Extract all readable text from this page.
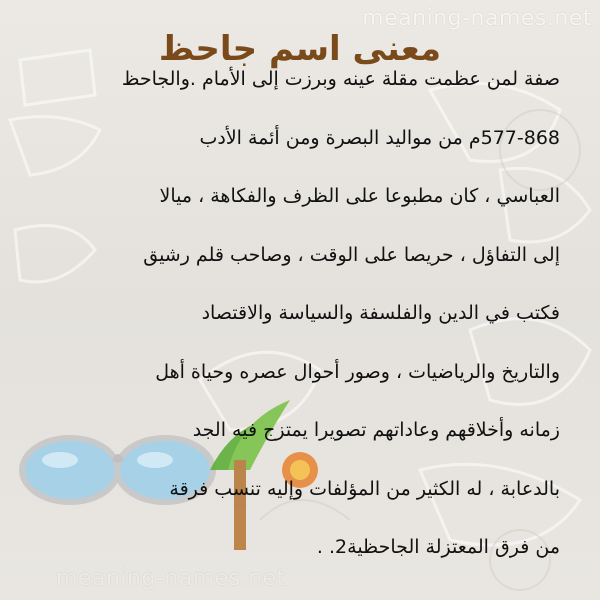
meaning-names.net
معنى اسم جاحظ
صفة لمن عظمت مقلة عينه وبرزت إلى الأمام .والجاحظ
577-868م من مواليد البصرة ومن أئمة الأدب
العباسي ، كان مطبوعا على الظرف والفكاهة ، ميالا
إلى التفاؤل ، حريصا على الوقت ، وصاحب قلم رشيق
فكتب في الدين والفلسفة والسياسة والاقتصاد
والتاريخ والرياضيات ، وصور أحوال عصره وحياة أهل
زمانه وأخلاقهم وعاداتهم تصويرا يمتزج فيه الجد
بالدعابة ، له الكثير من المؤلفات وإليه تنسب فرقة
من فرق المعتزلة الجاحظية2. .
meaning-names.net
